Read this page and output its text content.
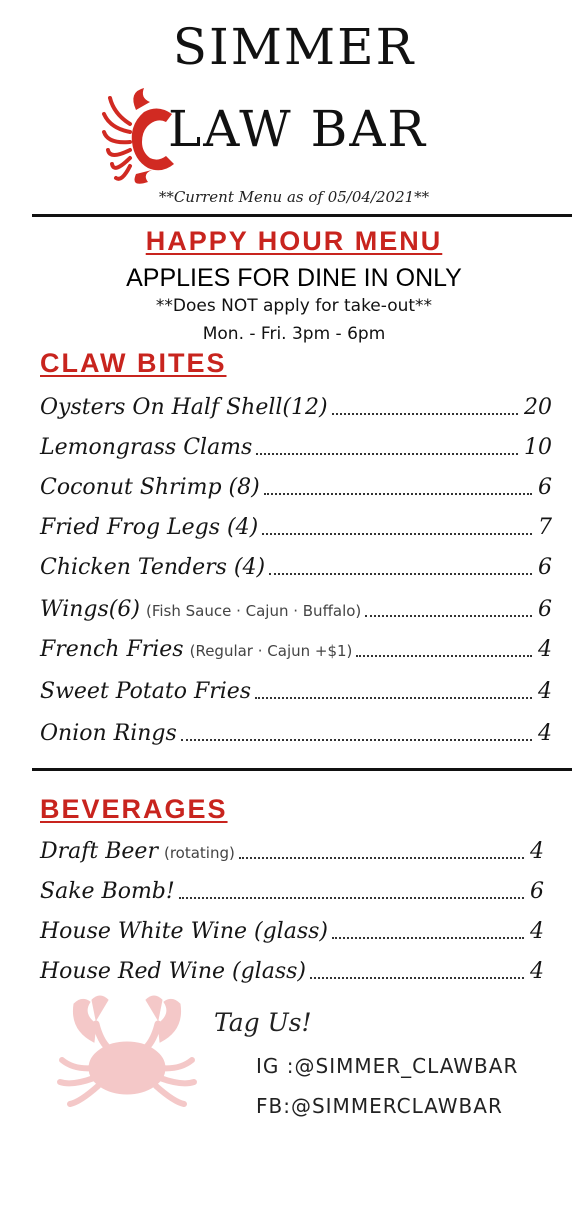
SIMMER
LAW BAR
**Current Menu as of 05/04/2021**
HAPPY HOUR MENU
APPLIES FOR DINE IN ONLY
**Does NOT apply for take-out**
Mon. - Fri. 3pm - 6pm
CLAW BITES
Oysters On Half Shell(12)	20
Lemongrass Clams	10
Coconut Shrimp (8)	6
Fried Frog Legs (4)	7
Chicken Tenders (4)	6
Wings(6) (Fish Sauce · Cajun · Buffalo)	6
French Fries (Regular · Cajun +$1)	4
Sweet Potato Fries	4
Onion Rings	4
BEVERAGES
Draft Beer (rotating)	4
Sake Bomb!	6
House White Wine (glass)	4
House Red Wine (glass)	4
Tag Us!
IG :@SIMMER_CLAWBAR
FB:@SIMMERCLAWBAR
